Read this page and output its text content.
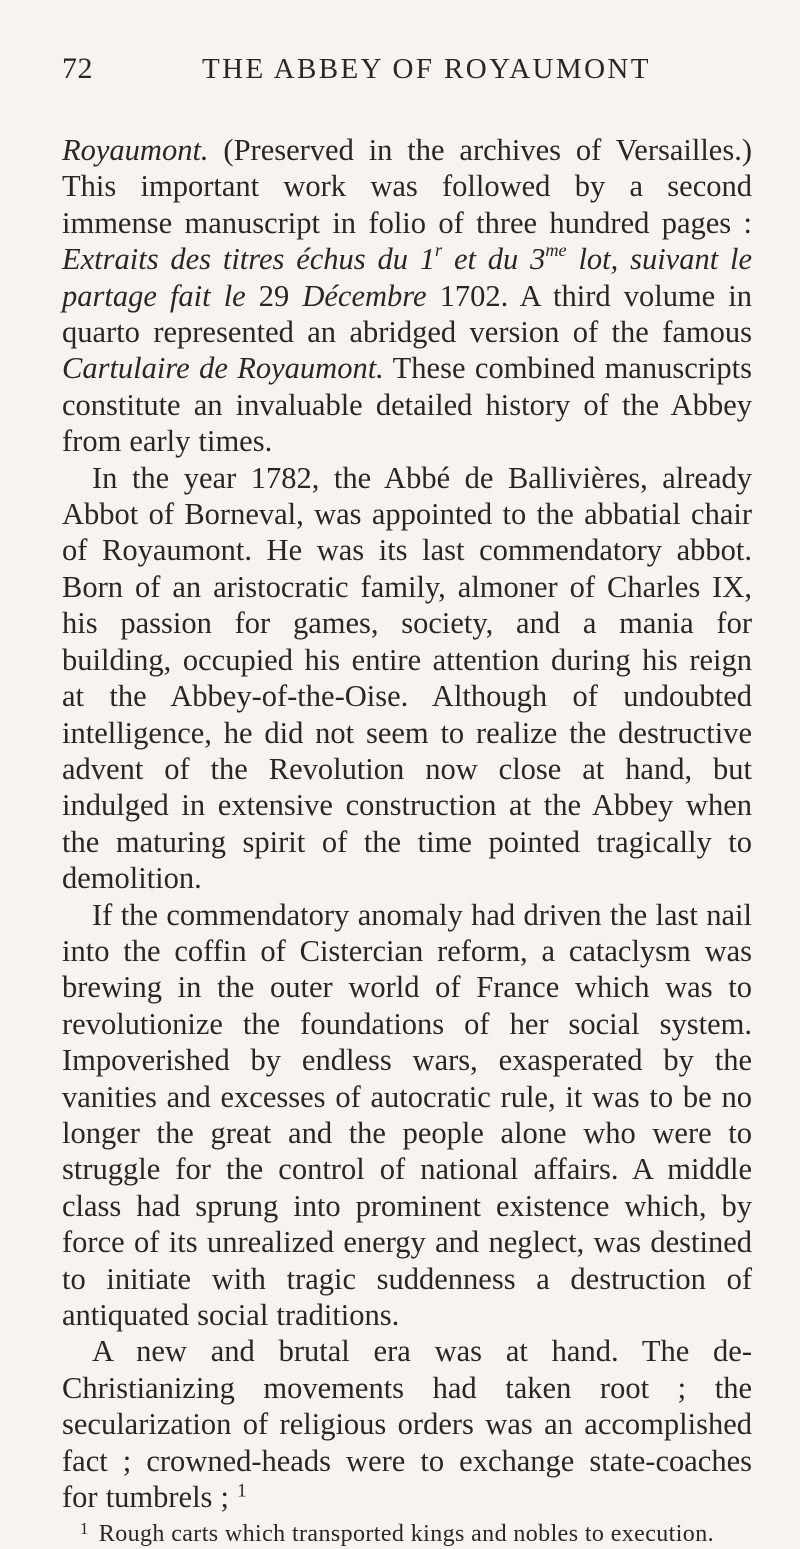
72	THE ABBEY OF ROYAUMONT

Royaumont. (Preserved in the archives of Versailles.) This important work was followed by a second immense manuscript in folio of three hundred pages : Extraits des titres échus du 1$^r$ et du $3^{me}$ lot, suivant le partage fait le 29 Décembre 1702. A third volume in quarto represented an abridged version of the famous Cartulaire de Royaumont. These combined manuscripts constitute an invaluable detailed history of the Abbey from early times.

In the year 1782, the Abbé de Ballivières, already Abbot of Borneval, was appointed to the abbatial chair of Royaumont. He was its last commendatory abbot. Born of an aristocratic family, almoner of Charles IX, his passion for games, society, and a mania for building, occupied his entire attention during his reign at the Abbey-of-the-Oise. Although of undoubted intelligence, he did not seem to realize the destructive advent of the Revolution now close at hand, but indulged in extensive construction at the Abbey when the maturing spirit of the time pointed tragically to demolition.

If the commendatory anomaly had driven the last nail into the coffin of Cistercian reform, a cataclysm was brewing in the outer world of France which was to revolutionize the foundations of her social system. Impoverished by endless wars, exasperated by the vanities and excesses of autocratic rule, it was to be no longer the great and the people alone who were to struggle for the control of national affairs. A middle class had sprung into prominent existence which, by force of its unrealized energy and neglect, was destined to initiate with tragic suddenness a destruction of antiquated social traditions.

A new and brutal era was at hand. The de-Christianizing movements had taken root ; the secularization of religious orders was an accomplished fact ; crowned-heads were to exchange state-coaches for tumbrels ; $^1$

$^1$ Rough carts which transported kings and nobles to execution.
